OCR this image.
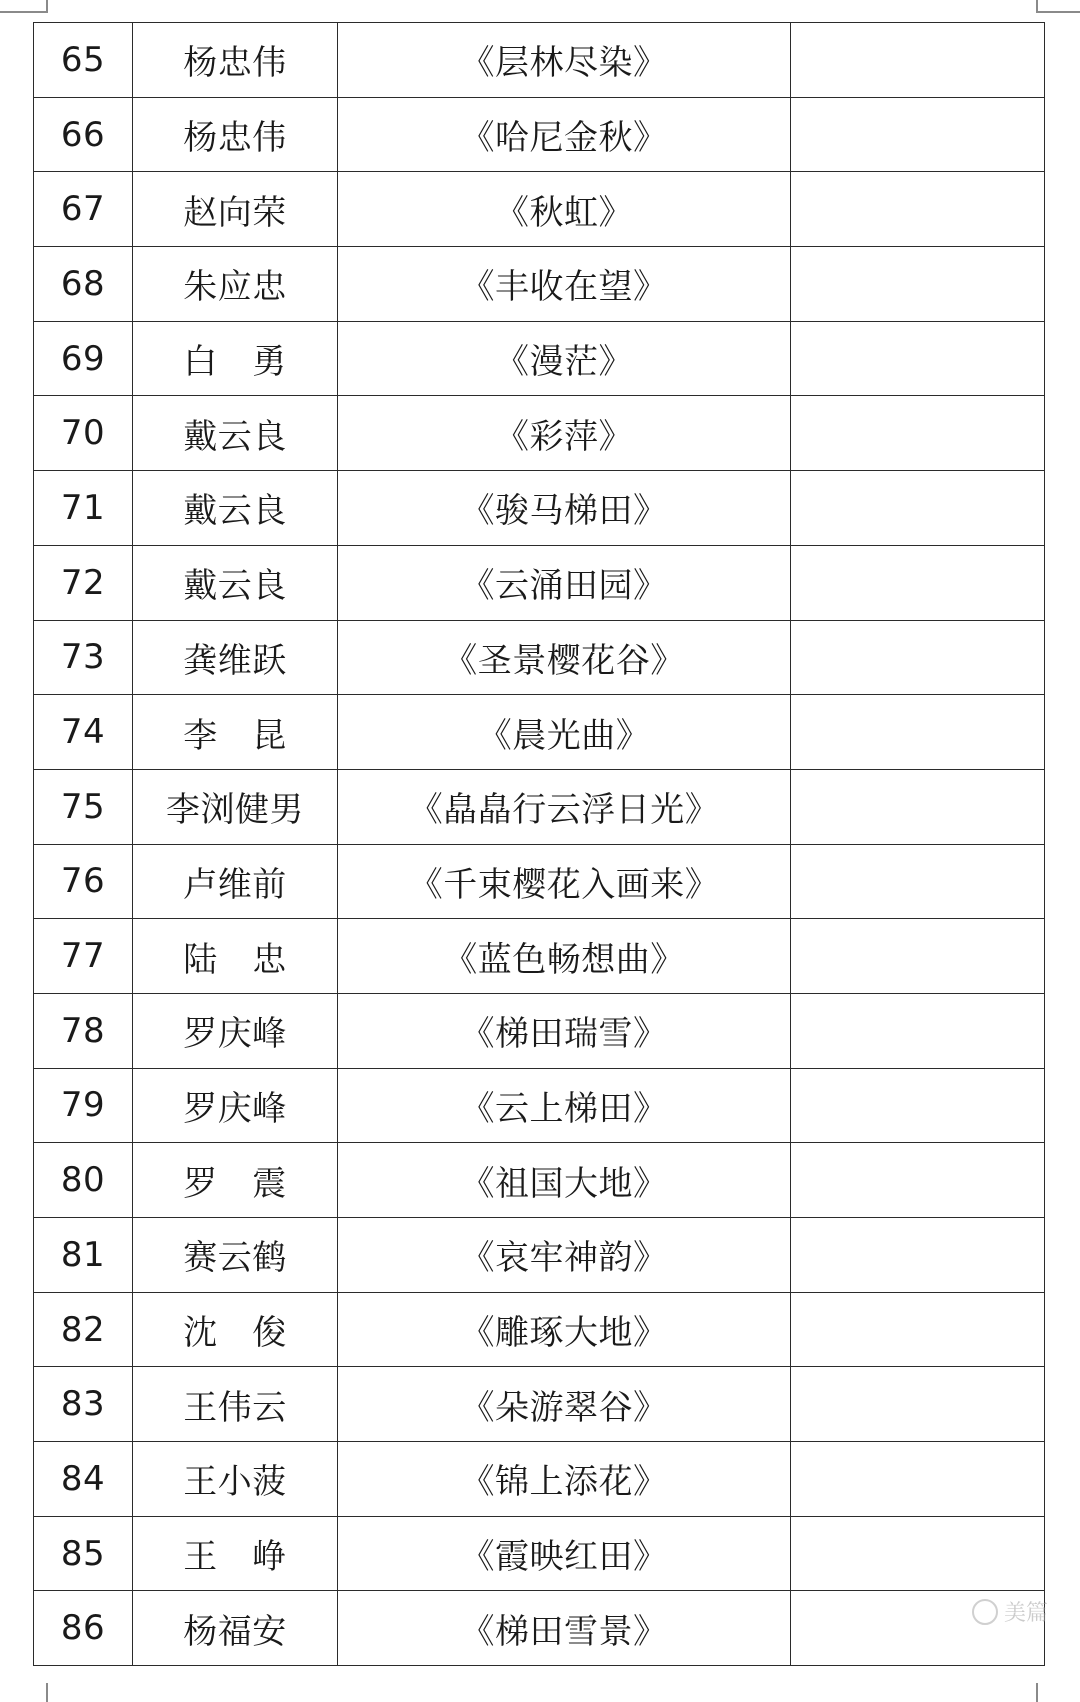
65	杨忠伟	《层林尽染》	
66	杨忠伟	《哈尼金秋》	
67	赵向荣	《秋虹》	
68	朱应忠	《丰收在望》	
69	白　勇	《漫茫》	
70	戴云良	《彩萍》	
71	戴云良	《骏马梯田》	
72	戴云良	《云涌田园》	
73	龚维跃	《圣景樱花谷》	
74	李　昆	《晨光曲》	
75	李浏健男	《皛皛行云浮日光》	
76	卢维前	《千束樱花入画来》	
77	陆　忠	《蓝色畅想曲》	
78	罗庆峰	《梯田瑞雪》	
79	罗庆峰	《云上梯田》	
80	罗　震	《祖国大地》	
81	赛云鹤	《哀牢神韵》	
82	沈　俊	《雕琢大地》	
83	王伟云	《朵游翠谷》	
84	王小菠	《锦上添花》	
85	王　峥	《霞映红田》	
86	杨福安	《梯田雪景》		美篇
